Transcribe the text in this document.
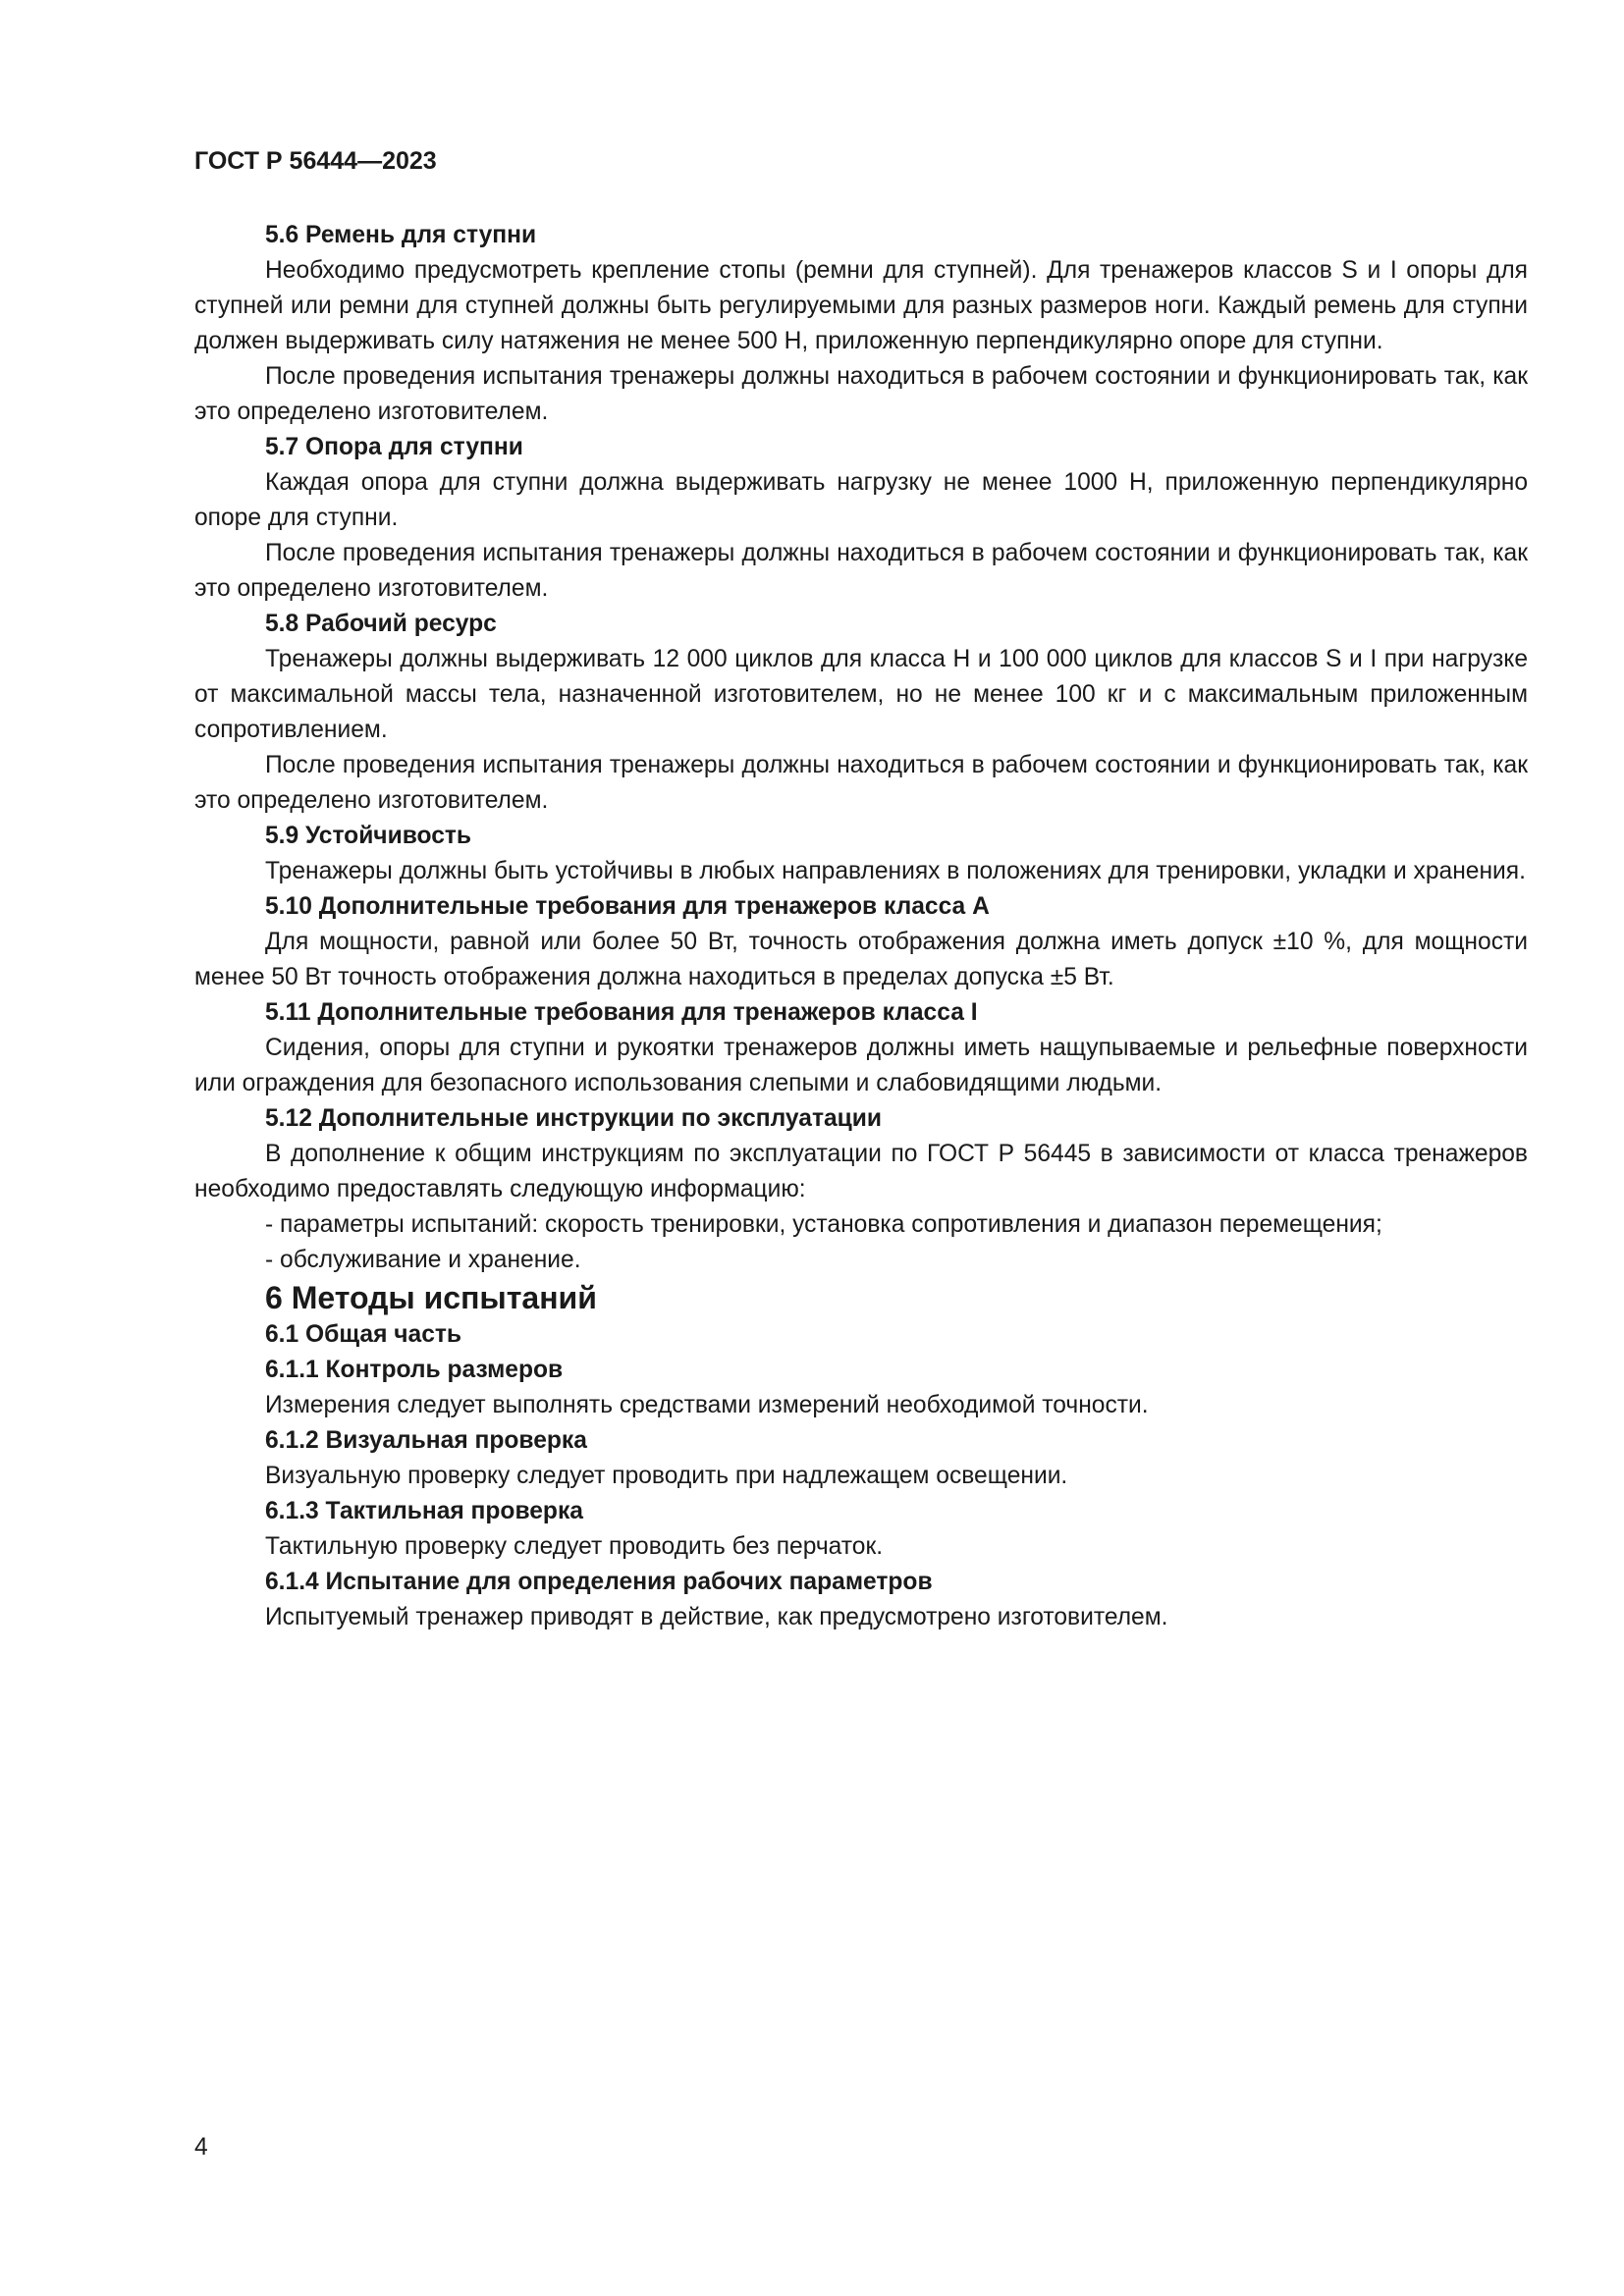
ГОСТ Р 56444—2023

5.6 Ремень для ступни

Необходимо предусмотреть крепление стопы (ремни для ступней). Для тренажеров классов S и I опоры для ступней или ремни для ступней должны быть регулируемыми для разных размеров ноги. Каждый ремень для ступни должен выдерживать силу натяжения не менее 500 Н, приложенную перпендикулярно опоре для ступни.

После проведения испытания тренажеры должны находиться в рабочем состоянии и функционировать так, как это определено изготовителем.

5.7 Опора для ступни

Каждая опора для ступни должна выдерживать нагрузку не менее 1000 Н, приложенную перпендикулярно опоре для ступни.

После проведения испытания тренажеры должны находиться в рабочем состоянии и функционировать так, как это определено изготовителем.

5.8 Рабочий ресурс

Тренажеры должны выдерживать 12 000 циклов для класса H и 100 000 циклов для классов S и I при нагрузке от максимальной массы тела, назначенной изготовителем, но не менее 100 кг и с максимальным приложенным сопротивлением.

После проведения испытания тренажеры должны находиться в рабочем состоянии и функционировать так, как это определено изготовителем.

5.9 Устойчивость

Тренажеры должны быть устойчивы в любых направлениях в положениях для тренировки, укладки и хранения.

5.10 Дополнительные требования для тренажеров класса А

Для мощности, равной или более 50 Вт, точность отображения должна иметь допуск ±10 %, для мощности менее 50 Вт точность отображения должна находиться в пределах допуска ±5 Вт.

5.11 Дополнительные требования для тренажеров класса I

Сидения, опоры для ступни и рукоятки тренажеров должны иметь нащупываемые и рельефные поверхности или ограждения для безопасного использования слепыми и слабовидящими людьми.

5.12 Дополнительные инструкции по эксплуатации

В дополнение к общим инструкциям по эксплуатации по ГОСТ Р 56445 в зависимости от класса тренажеров необходимо предоставлять следующую информацию:

- параметры испытаний: скорость тренировки, установка сопротивления и диапазон перемещения;

- обслуживание и хранение.

6 Методы испытаний

6.1 Общая часть

6.1.1 Контроль размеров

Измерения следует выполнять средствами измерений необходимой точности.

6.1.2 Визуальная проверка

Визуальную проверку следует проводить при надлежащем освещении.

6.1.3 Тактильная проверка

Тактильную проверку следует проводить без перчаток.

6.1.4 Испытание для определения рабочих параметров

Испытуемый тренажер приводят в действие, как предусмотрено изготовителем.

4
